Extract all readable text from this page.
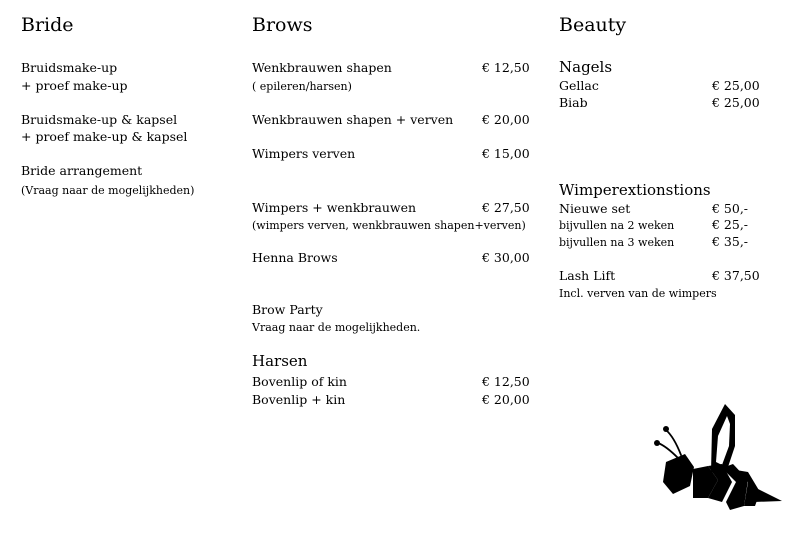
Bride
Bruidsmake-up
+ proef make-up
Bruidsmake-up & kapsel
+ proef make-up & kapsel
Bride arrangement
(Vraag naar de mogelijkheden)
Brows
Wenkbrauwen shapen	€ 12,50
( epileren/harsen)
Wenkbrauwen shapen + verven € 20,00
Wimpers verven	€ 15,00
Wimpers + wenkbrauwen	€ 27,50
(wimpers verven, wenkbrauwen shapen+verven)
Henna Brows	€ 30,00
Brow Party
Vraag naar de mogelijkheden.
Harsen
Bovenlip of kin	€ 12,50
Bovenlip + kin	€ 20,00
Beauty
Nagels
Gellac	€ 25,00
Biab	€ 25,00
Wimperextionstions
Nieuwe set	€ 50,-
bijvullen na 2 weken	€ 25,-
bijvullen na 3 weken	€ 35,-
Lash Lift	€ 37,50
Incl. verven van de wimpers
